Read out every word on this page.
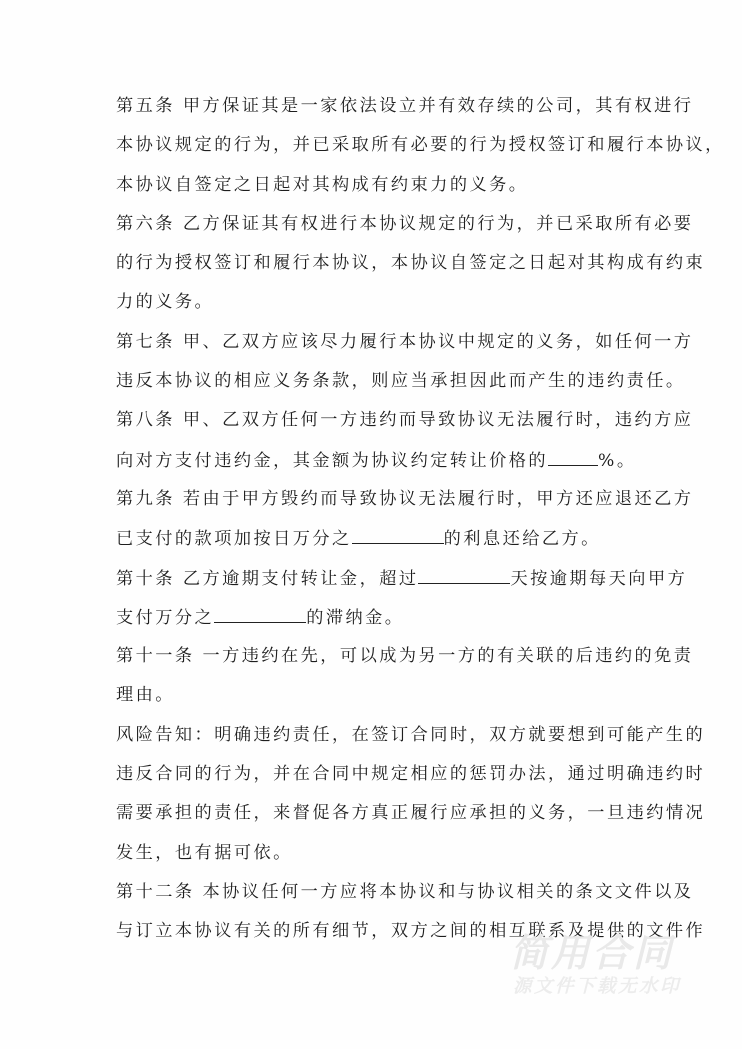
第五条 甲方保证其是一家依法设立并有效存续的公司，其有权进行
本协议规定的行为，并已采取所有必要的行为授权签订和履行本协议，
本协议自签定之日起对其构成有约束力的义务。
第六条 乙方保证其有权进行本协议规定的行为，并已采取所有必要
的行为授权签订和履行本协议，本协议自签定之日起对其构成有约束
力的义务。
第七条 甲、乙双方应该尽力履行本协议中规定的义务，如任何一方
违反本协议的相应义务条款，则应当承担因此而产生的违约责任。
第八条 甲、乙双方任何一方违约而导致协议无法履行时，违约方应
向对方支付违约金，其金额为协议约定转让价格的	%。
第九条 若由于甲方毁约而导致协议无法履行时，甲方还应退还乙方
已支付的款项加按日万分之	的利息还给乙方。
第十条 乙方逾期支付转让金，超过	天按逾期每天向甲方
支付万分之	的滞纳金。
第十一条 一方违约在先，可以成为另一方的有关联的后违约的免责
理由。
风险告知：明确违约责任，在签订合同时，双方就要想到可能产生的
违反合同的行为，并在合同中规定相应的惩罚办法，通过明确违约时
需要承担的责任，来督促各方真正履行应承担的义务，一旦违约情况
发生，也有据可依。
第十二条 本协议任何一方应将本协议和与协议相关的条文文件以及
与订立本协议有关的所有细节，双方之间的相互联系及提供的文件作
简用合同
源文件下载无水印
